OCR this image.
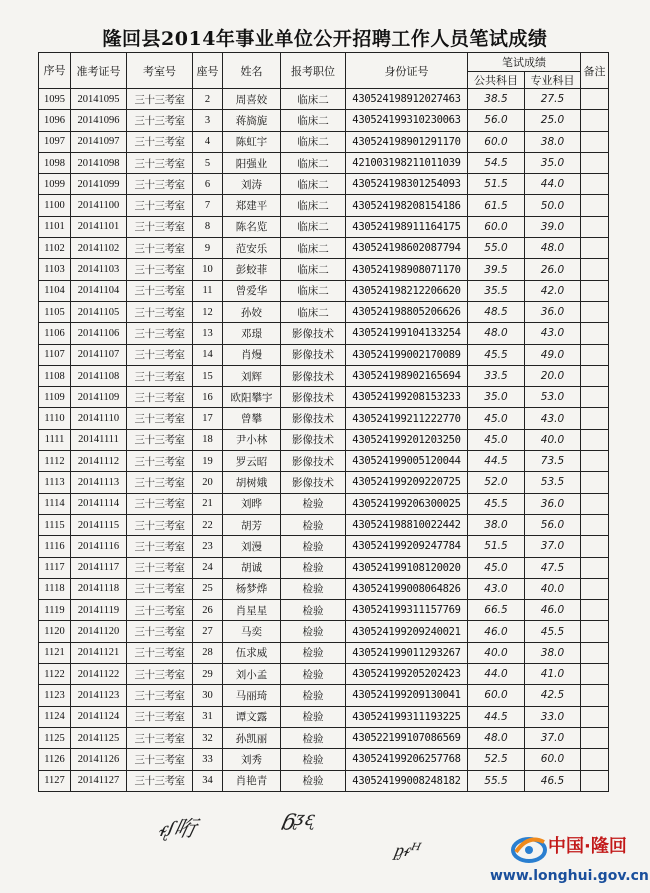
隆回县2014年事业单位公开招聘工作人员笔试成绩
序号	准考证号	考室号	座号	姓名	报考职位	身份证号	笔试成绩		备注
							公共科目	专业科目	
1095	20141095	三十三考室	2	周喜姣	临床二	430524198912027463	38.5	27.5	
1096	20141096	三十三考室	3	蒋旖旎	临床二	430524199310230063	56.0	25.0	
1097	20141097	三十三考室	4	陈虹宇	临床二	430524198901291170	60.0	38.0	
1098	20141098	三十三考室	5	阳强业	临床二	421003198211011039	54.5	35.0	
1099	20141099	三十三考室	6	刘涛	临床二	430524198301254093	51.5	44.0	
1100	20141100	三十三考室	7	郑建平	临床二	430524198208154186	61.5	50.0	
1101	20141101	三十三考室	8	陈名览	临床二	430524198911164175	60.0	39.0	
1102	20141102	三十三考室	9	范安乐	临床二	430524198602087794	55.0	48.0	
1103	20141103	三十三考室	10	彭蛟菲	临床二	430524198908071170	39.5	26.0	
1104	20141104	三十三考室	11	曾爱华	临床二	430524198212206620	35.5	42.0	
1105	20141105	三十三考室	12	孙姣	临床二	430524198805206626	48.5	36.0	
1106	20141106	三十三考室	13	邓璟	影像技术	430524199104133254	48.0	43.0	
1107	20141107	三十三考室	14	肖熳	影像技术	430524199002170089	45.5	49.0	
1108	20141108	三十三考室	15	刘辉	影像技术	430524198902165694	33.5	20.0	
1109	20141109	三十三考室	16	欧阳攀宇	影像技术	430524199208153233	35.0	53.0	
1110	20141110	三十三考室	17	曾攀	影像技术	430524199211222770	45.0	43.0	
1111	20141111	三十三考室	18	尹小林	影像技术	430524199201203250	45.0	40.0	
1112	20141112	三十三考室	19	罗云昭	影像技术	430524199005120044	44.5	73.5	
1113	20141113	三十三考室	20	胡树娥	影像技术	430524199209220725	52.0	53.5	
1114	20141114	三十三考室	21	刘晔	检验	430524199206300025	45.5	36.0	
1115	20141115	三十三考室	22	胡芳	检验	430524198810022442	38.0	56.0	
1116	20141116	三十三考室	23	刘漫	检验	430524199209247784	51.5	37.0	
1117	20141117	三十三考室	24	胡诚	检验	430524199108120020	45.0	47.5	
1118	20141118	三十三考室	25	杨梦烨	检验	430524199008064826	43.0	40.0	
1119	20141119	三十三考室	26	肖星星	检验	430524199311157769	66.5	46.0	
1120	20141120	三十三考室	27	马奕	检验	430524199209240021	46.0	45.5	
1121	20141121	三十三考室	28	伍求威	检验	430524199011293267	40.0	38.0	
1122	20141122	三十三考室	29	刘小孟	检验	430524199205202423	44.0	41.0	
1123	20141123	三十三考室	30	马丽琦	检验	430524199209130041	60.0	42.5	
1124	20141124	三十三考室	31	谭文露	检验	430524199311193225	44.5	33.0	
1125	20141125	三十三考室	32	孙凯丽	检验	430522199107086569	48.0	37.0	
1126	20141126	三十三考室	33	刘秀	检验	430524199206257768	52.5	60.0	
1127	20141127	三十三考室	34	肖艳青	检验	430524199008248182	55.5	46.5	
ᵳᶘ哘	ᵷᶚᶓ
ᶈᵳᵸ	中国·隆回
www.longhui.gov.cn
